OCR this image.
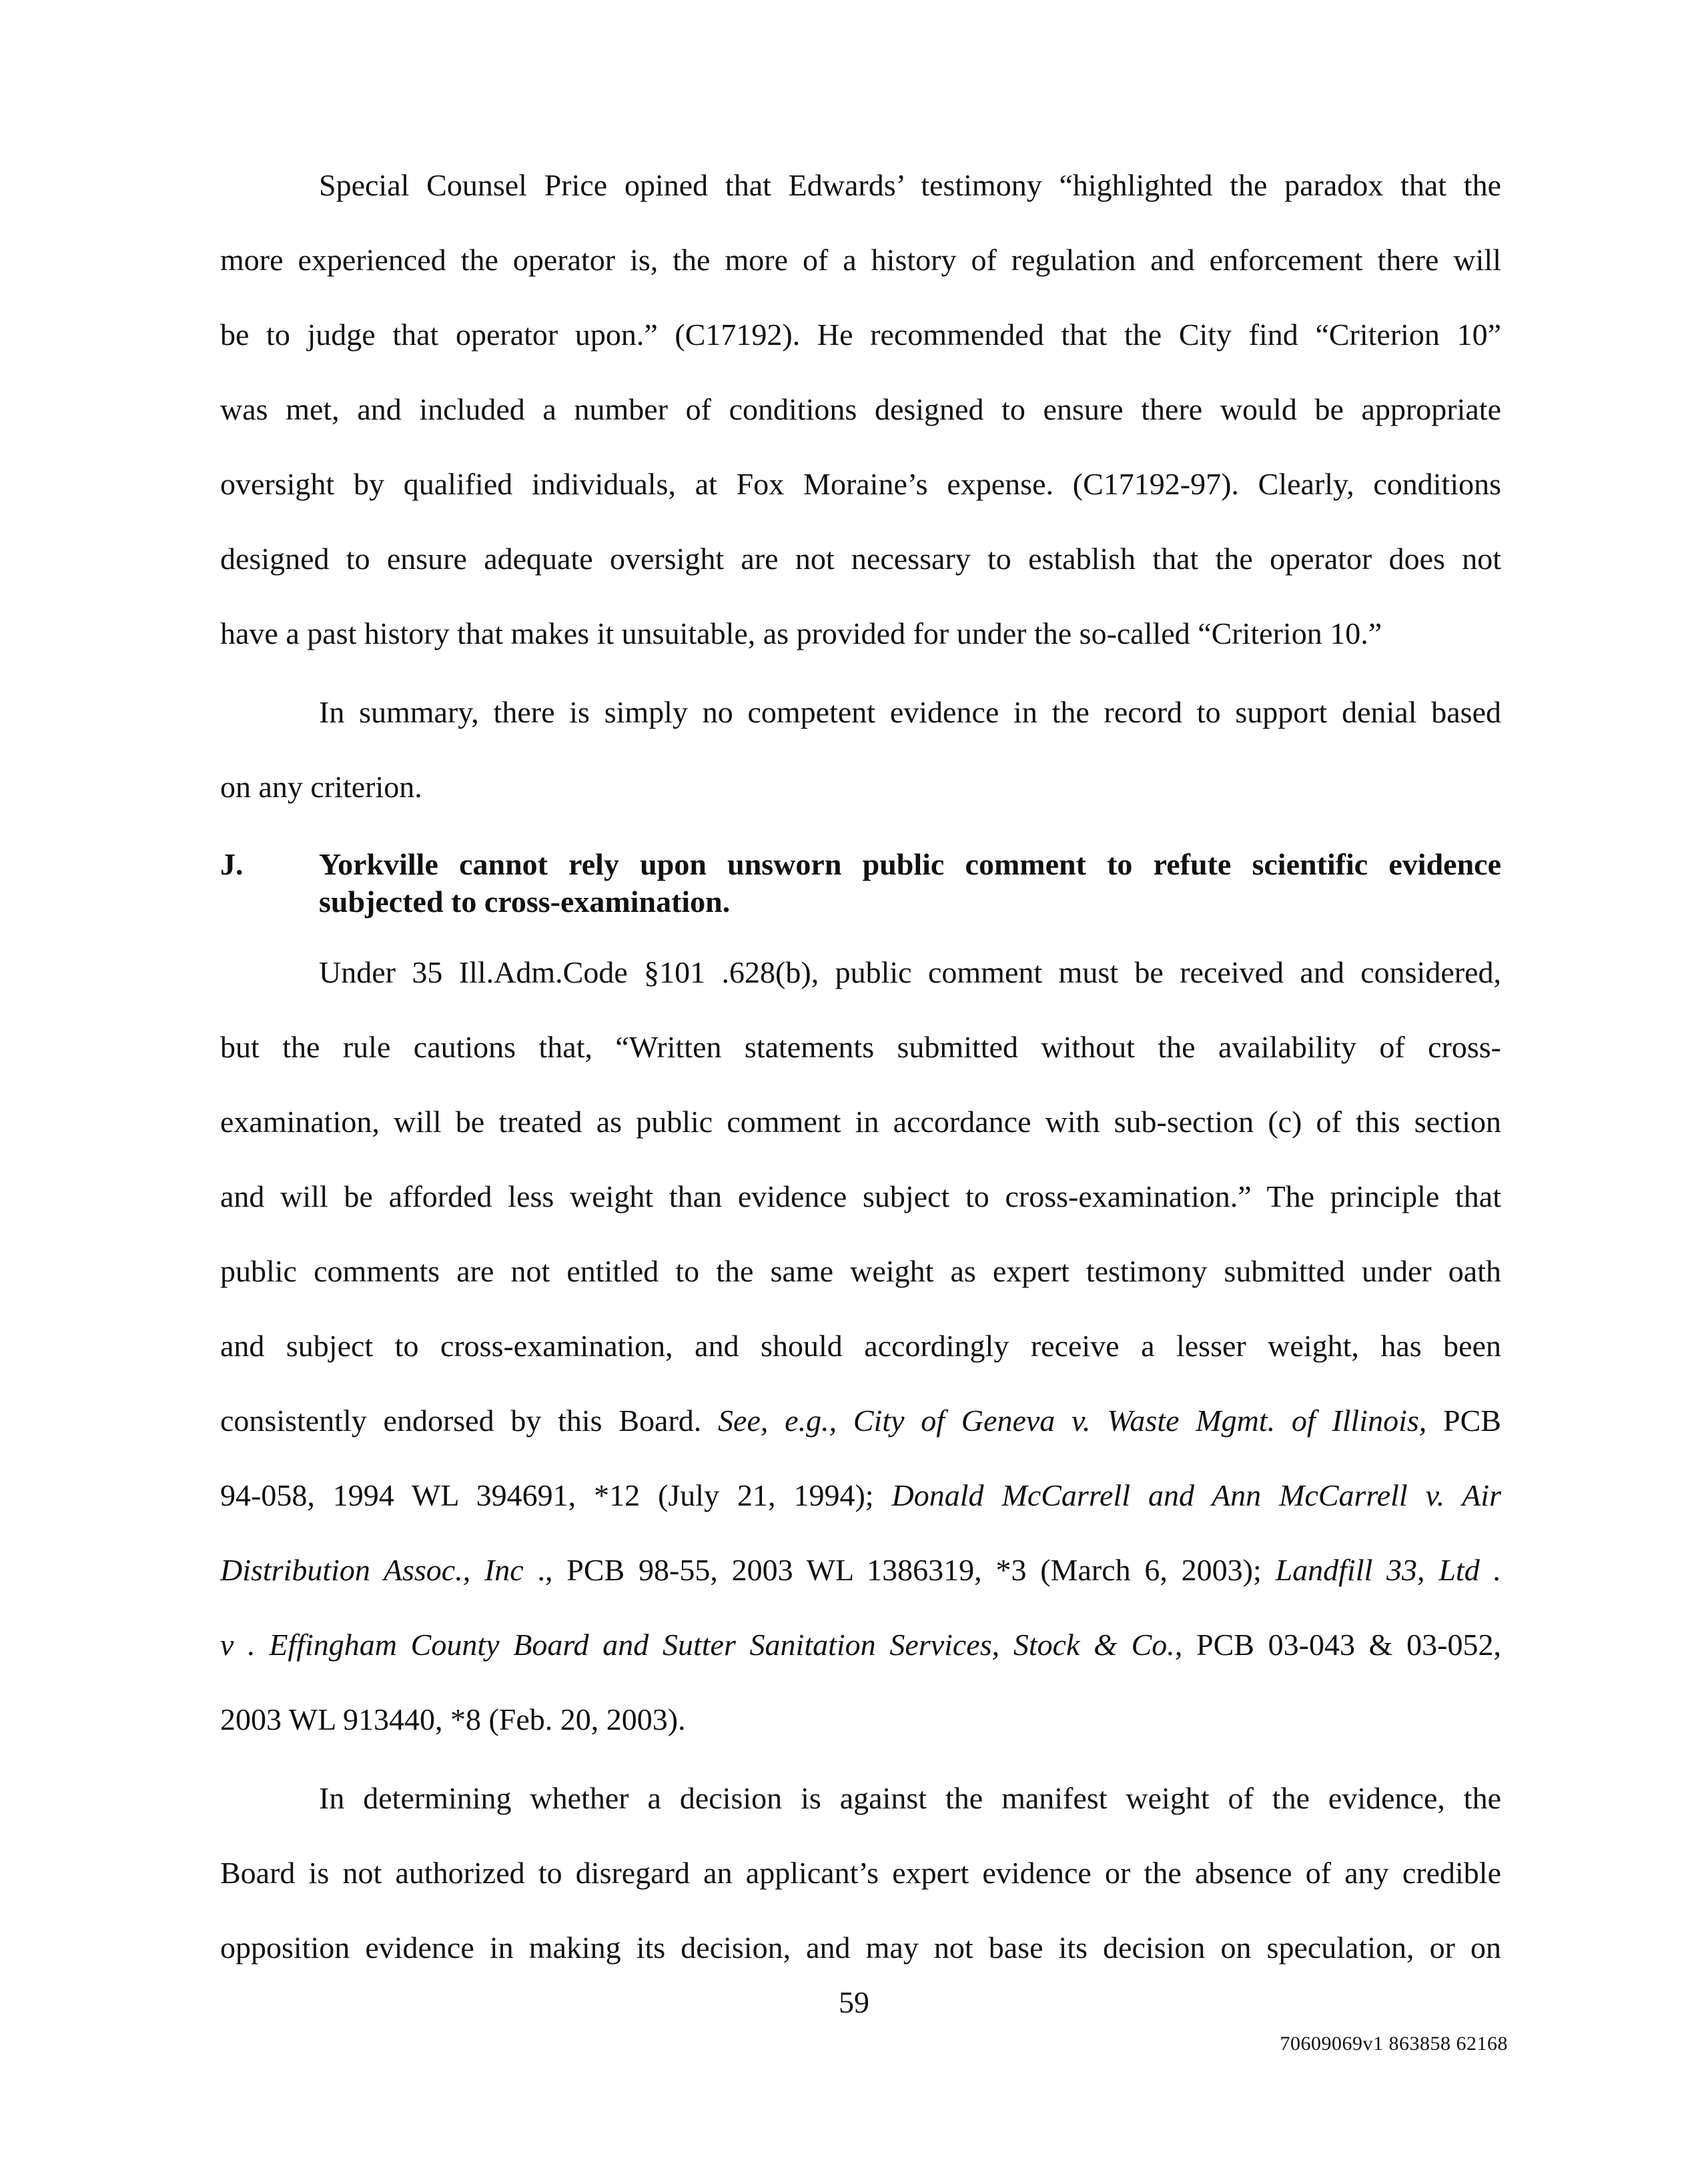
Special Counsel Price opined that Edwards’ testimony “highlighted the paradox that the
more experienced the operator is, the more of a history of regulation and enforcement there will
be to judge that operator upon.” (C17192). He recommended that the City find “Criterion 10”
was met, and included a number of conditions designed to ensure there would be appropriate
oversight by qualified individuals, at Fox Moraine’s expense. (C17192-97). Clearly, conditions
designed to ensure adequate oversight are not necessary to establish that the operator does not
have a past history that makes it unsuitable, as provided for under the so-called “Criterion 10.”
In summary, there is simply no competent evidence in the record to support denial based
on any criterion.
J. Yorkville cannot rely upon unsworn public comment to refute scientific evidence
subjected to cross-examination.
Under 35 Ill.Adm.Code §101 .628(b), public comment must be received and considered,
but the rule cautions that, “Written statements submitted without the availability of cross-
examination, will be treated as public comment in accordance with sub-section (c) of this section
and will be afforded less weight than evidence subject to cross-examination.” The principle that
public comments are not entitled to the same weight as expert testimony submitted under oath
and subject to cross-examination, and should accordingly receive a lesser weight, has been
consistently endorsed by this Board. See, e.g., City of Geneva v. Waste Mgmt. of Illinois, PCB
94-058, 1994 WL 394691, *12 (July 21, 1994); Donald McCarrell and Ann McCarrell v. Air
Distribution Assoc., Inc ., PCB 98-55, 2003 WL 1386319, *3 (March 6, 2003); Landfill 33, Ltd .
v . Effingham County Board and Sutter Sanitation Services, Stock & Co., PCB 03-043 & 03-052,
2003 WL 913440, *8 (Feb. 20, 2003).
In determining whether a decision is against the manifest weight of the evidence, the
Board is not authorized to disregard an applicant’s expert evidence or the absence of any credible
opposition evidence in making its decision, and may not base its decision on speculation, or on
59
70609069v1 863858 62168
